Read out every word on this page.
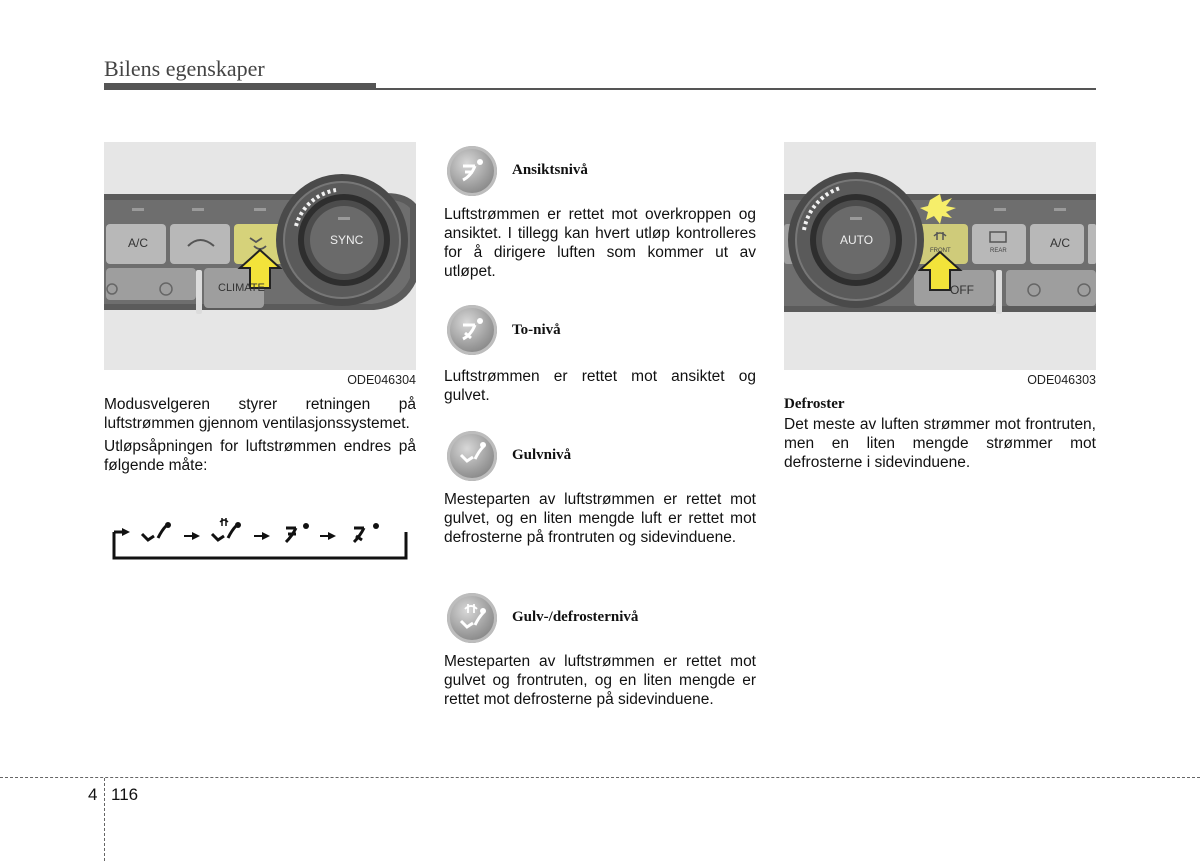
Bilens egenskaper
A/C	SYNC
CLIMATE
ODE046304

Modusvelgeren styrer retningen på luftstrømmen gjennom ventilasjonssystemet.

Utløpsåpningen for luftstrømmen endres på følgende måte:

Ansiktsnivå
Luftstrømmen er rettet mot overkroppen og ansiktet. I tillegg kan hvert utløp kontrolleres for å dirigere luften som kommer ut av utløpet.
To-nivå
Luftstrømmen er rettet mot ansiktet og gulvet.
Gulvnivå
Mesteparten av luftstrømmen er rettet mot gulvet, og en liten mengde luft er rettet mot defrosterne på frontruten og sidevinduene.
Gulv-/defrosternivå
Mesteparten av luftstrømmen er rettet mot gulvet og frontruten, og en liten mengde er rettet mot defrosterne på sidevinduene.
AUTO
FRONT	REAR
A/C
OFF
ODE046303
Defroster
Det meste av luften strømmer mot frontruten, men en liten mengde strømmer mot defrosterne i sidevinduene.
4 116
